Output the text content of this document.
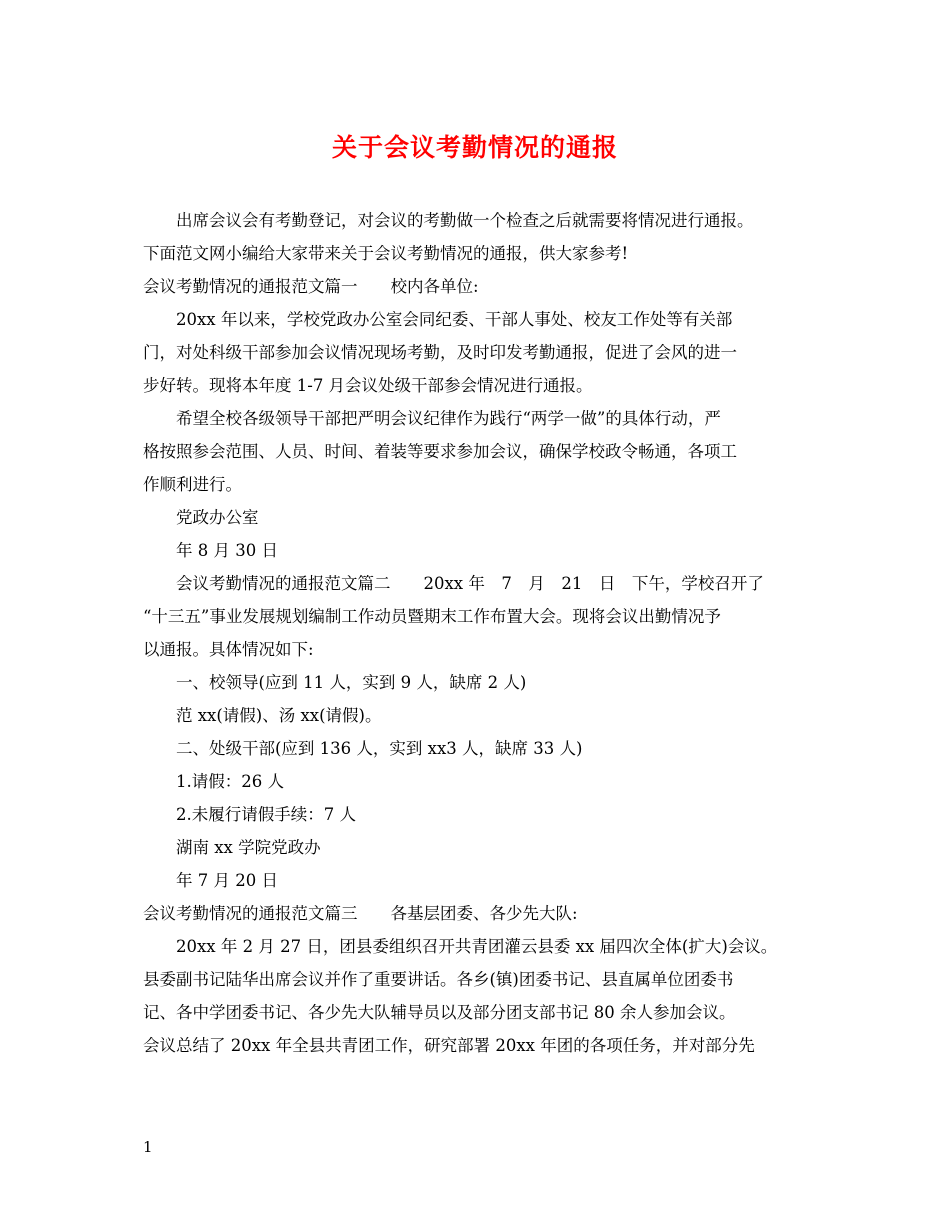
关于会议考勤情况的通报
出席会议会有考勤登记，对会议的考勤做一个检查之后就需要将情况进行通报。
下面范文网小编给大家带来关于会议考勤情况的通报，供大家参考!
会议考勤情况的通报范文篇一　　校内各单位:
20xx 年以来，学校党政办公室会同纪委、干部人事处、校友工作处等有关部
门，对处科级干部参加会议情况现场考勤，及时印发考勤通报，促进了会风的进一
步好转。现将本年度 1-7 月会议处级干部参会情况进行通报。
希望全校各级领导干部把严明会议纪律作为践行“两学一做”的具体行动，严
格按照参会范围、人员、时间、着装等要求参加会议，确保学校政令畅通，各项工
作顺利进行。
党政办公室
年 8 月 30 日
会议考勤情况的通报范文篇二　　20xx 年　7　月　21　日　下午，学校召开了
“十三五”事业发展规划编制工作动员暨期末工作布置大会。现将会议出勤情况予
以通报。具体情况如下:
一、校领导(应到 11 人，实到 9 人，缺席 2 人)
范 xx(请假)、汤 xx(请假)。
二、处级干部(应到 136 人，实到 xx3 人，缺席 33 人)
1.请假：26 人
2.未履行请假手续：7 人
湖南 xx 学院党政办
年 7 月 20 日
会议考勤情况的通报范文篇三　　各基层团委、各少先大队:
20xx 年 2 月 27 日，团县委组织召开共青团灌云县委 xx 届四次全体(扩大)会议。
县委副书记陆华出席会议并作了重要讲话。各乡(镇)团委书记、县直属单位团委书
记、各中学团委书记、各少先大队辅导员以及部分团支部书记 80 余人参加会议。
会议总结了 20xx 年全县共青团工作，研究部署 20xx 年团的各项任务，并对部分先
1
